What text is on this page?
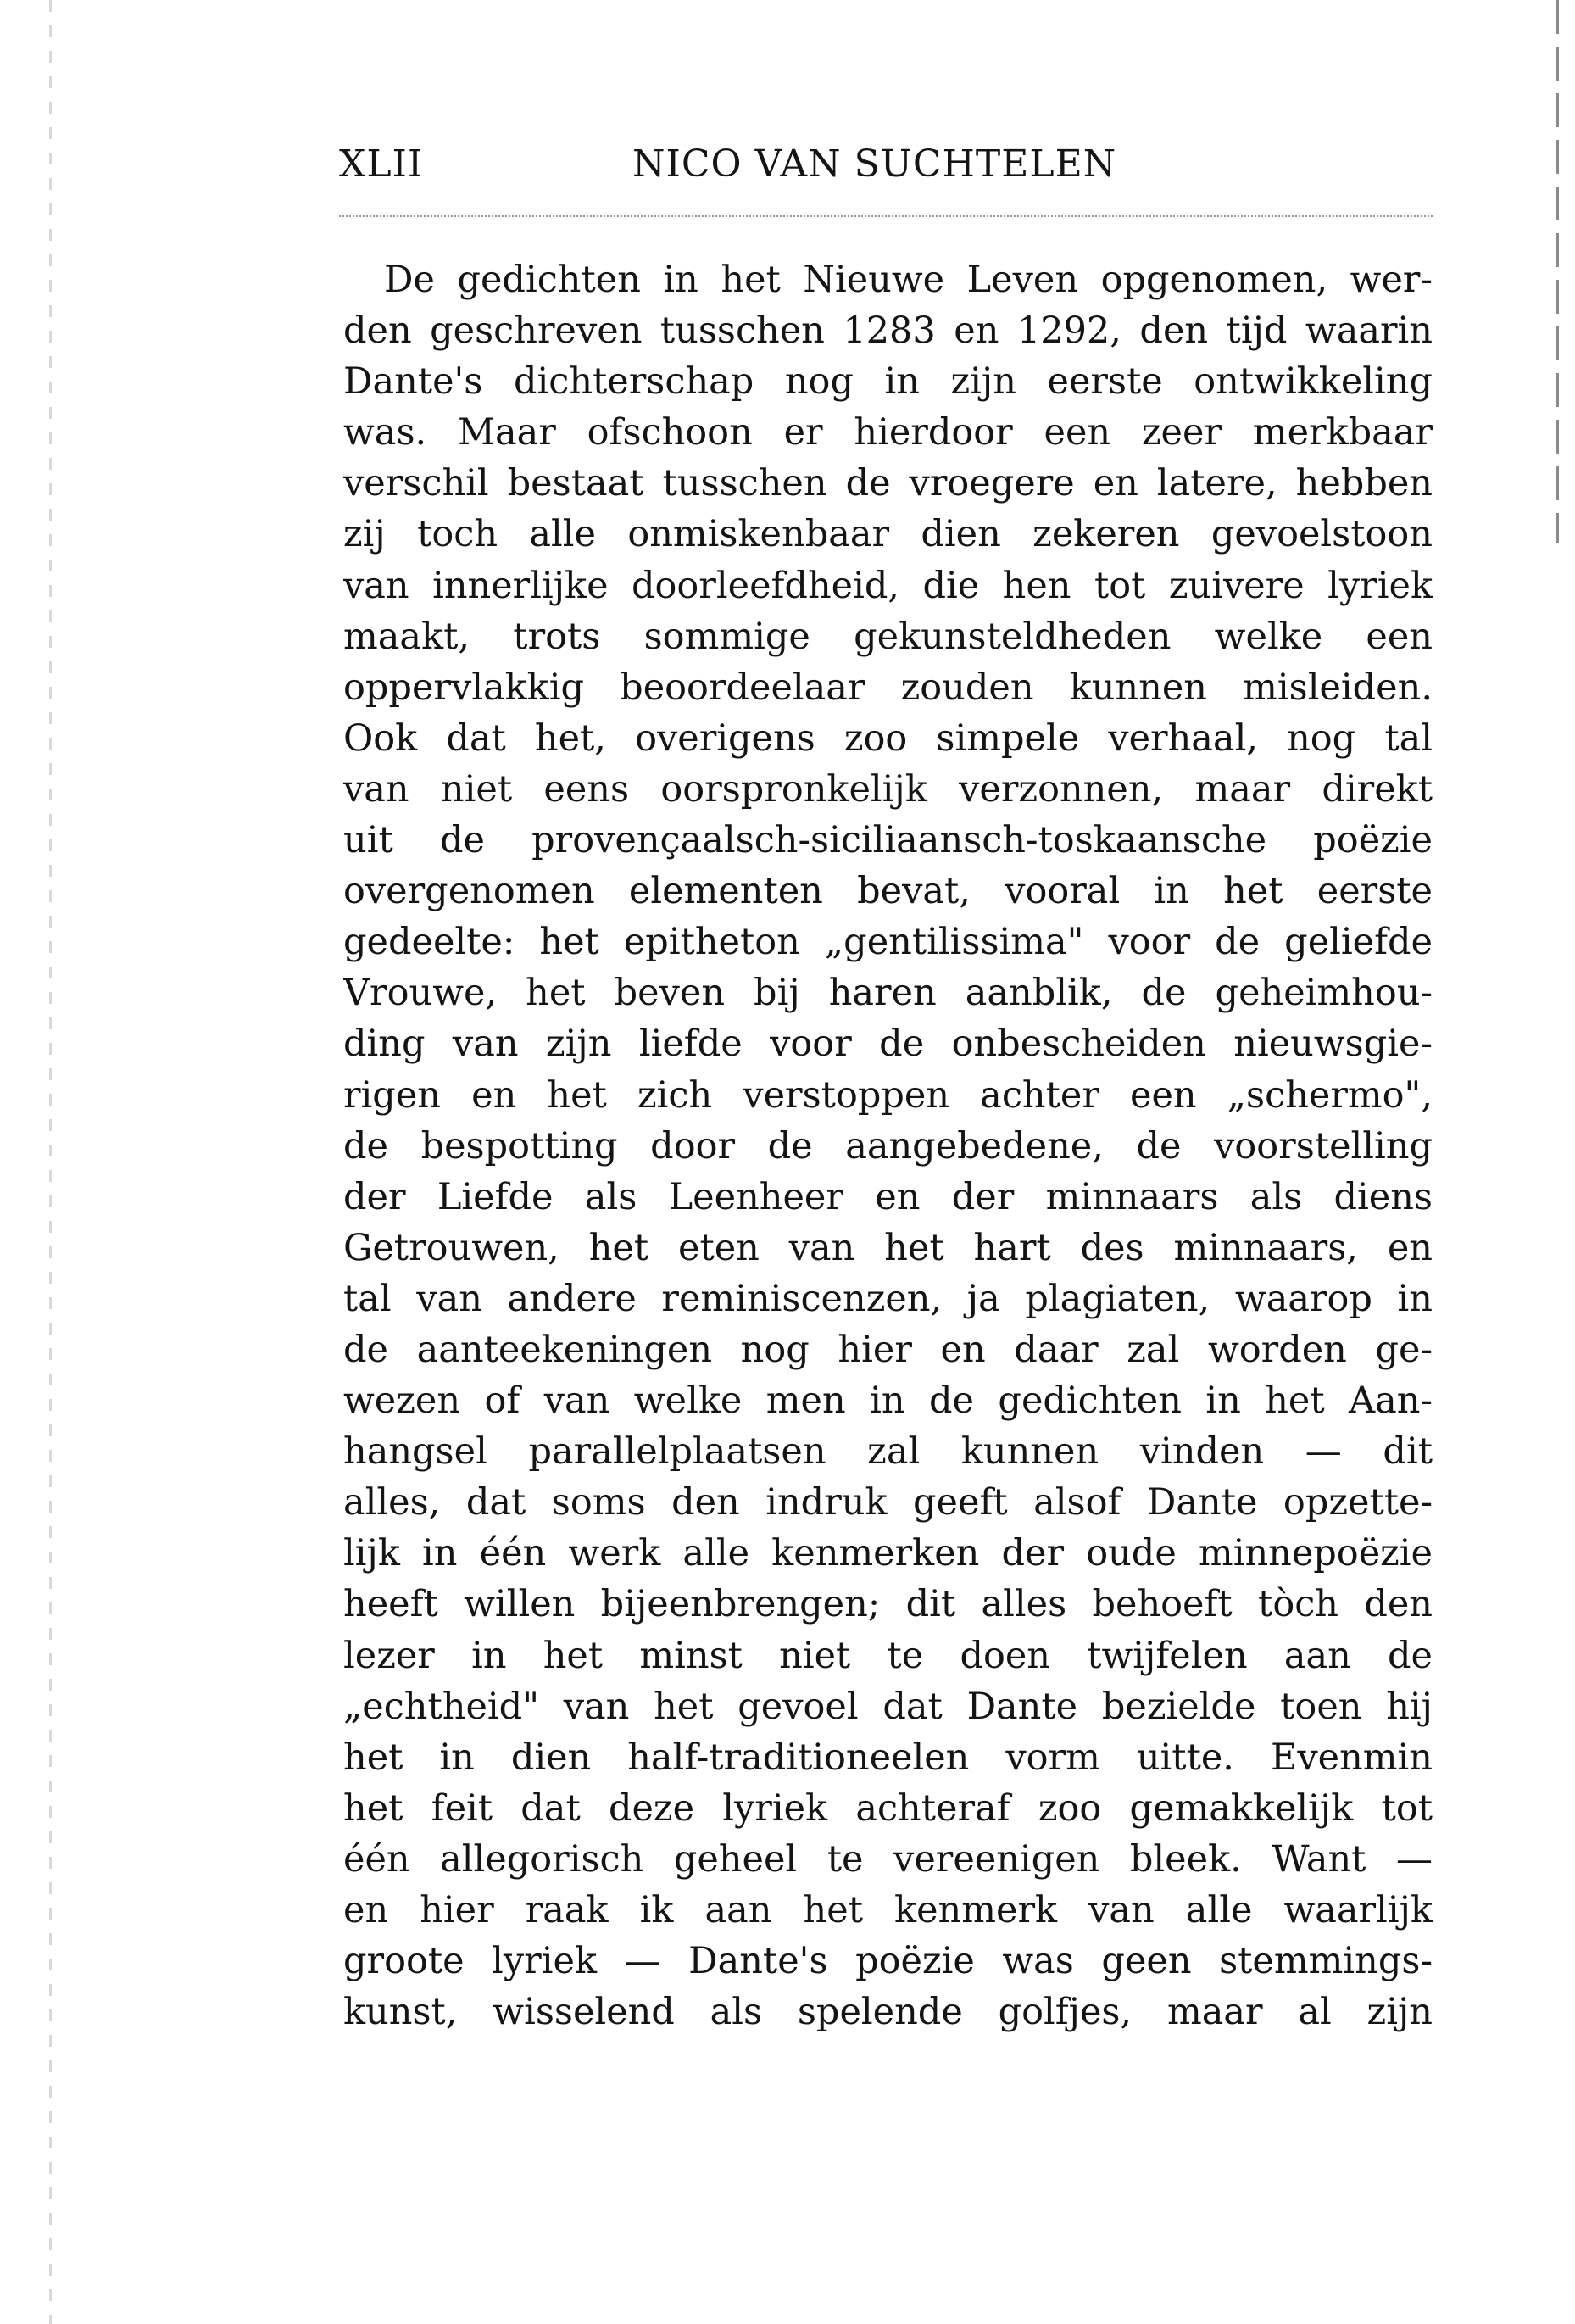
XLII	NICO VAN SUCHTELEN
De gedichten in het Nieuwe Leven opgenomen, wer-
den geschreven tusschen 1283 en 1292, den tijd waarin
Dante's dichterschap nog in zijn eerste ontwikkeling
was. Maar ofschoon er hierdoor een zeer merkbaar
verschil bestaat tusschen de vroegere en latere, hebben
zij toch alle onmiskenbaar dien zekeren gevoelstoon
van innerlijke doorleefdheid, die hen tot zuivere lyriek
maakt, trots sommige gekunsteldheden welke een
oppervlakkig beoordeelaar zouden kunnen misleiden.
Ook dat het, overigens zoo simpele verhaal, nog tal
van niet eens oorspronkelijk verzonnen, maar direkt
uit de provençaalsch-siciliaansch-toskaansche poëzie
overgenomen elementen bevat, vooral in het eerste
gedeelte: het epitheton „gentilissima" voor de geliefde
Vrouwe, het beven bij haren aanblik, de geheimhou-
ding van zijn liefde voor de onbescheiden nieuwsgie-
rigen en het zich verstoppen achter een „schermo",
de bespotting door de aangebedene, de voorstelling
der Liefde als Leenheer en der minnaars als diens
Getrouwen, het eten van het hart des minnaars, en
tal van andere reminiscenzen, ja plagiaten, waarop in
de aanteekeningen nog hier en daar zal worden ge-
wezen of van welke men in de gedichten in het Aan-
hangsel parallelplaatsen zal kunnen vinden — dit
alles, dat soms den indruk geeft alsof Dante opzette-
lijk in één werk alle kenmerken der oude minnepoëzie
heeft willen bijeenbrengen; dit alles behoeft tòch den
lezer in het minst niet te doen twijfelen aan de
„echtheid" van het gevoel dat Dante bezielde toen hij
het in dien half-traditioneelen vorm uitte. Evenmin
het feit dat deze lyriek achteraf zoo gemakkelijk tot
één allegorisch geheel te vereenigen bleek. Want —
en hier raak ik aan het kenmerk van alle waarlijk
groote lyriek — Dante's poëzie was geen stemmings-
kunst, wisselend als spelende golfjes, maar al zijn
